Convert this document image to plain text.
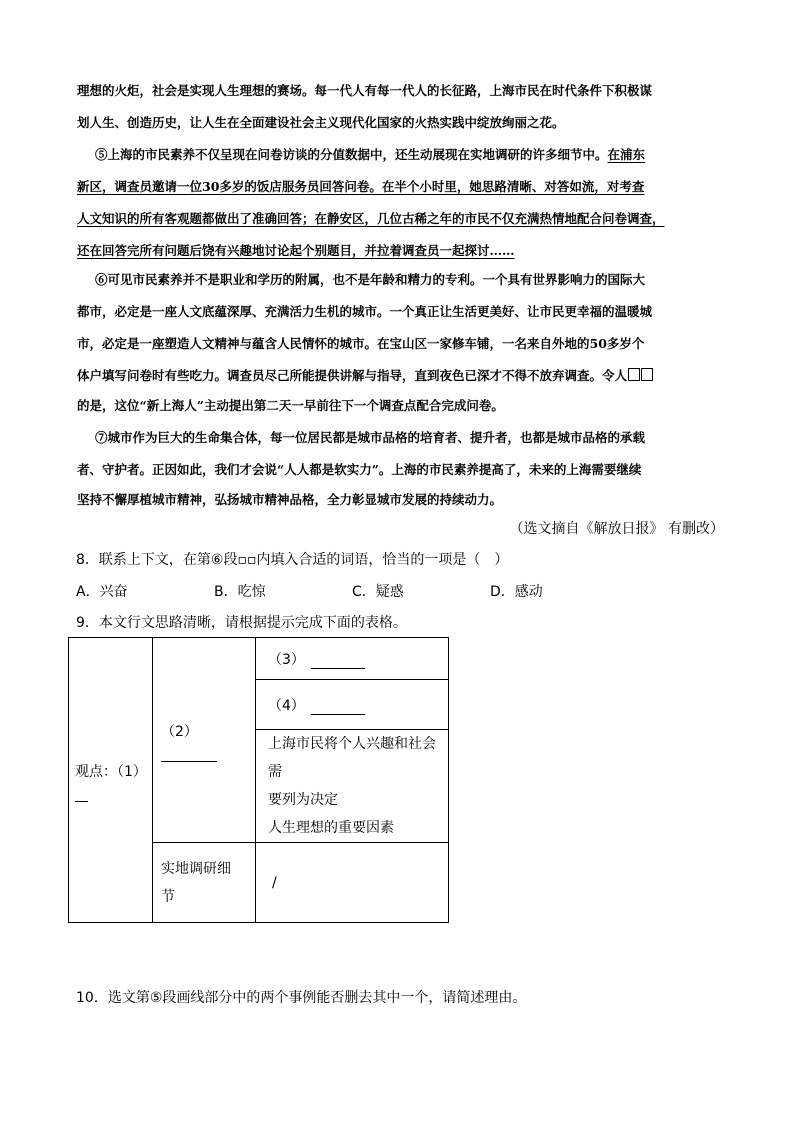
理想的火炬，社会是实现人生理想的赛场。每一代人有每一代人的长征路，上海市民在时代条件下积极谋
划人生、创造历史，让人生在全面建设社会主义现代化国家的火热实践中绽放绚丽之花。
⑤上海的市民素养不仅呈现在问卷访谈的分值数据中，还生动展现在实地调研的许多细节中。在浦东
新区，调查员邀请一位30多岁的饭店服务员回答问卷。在半个小时里，她思路清晰、对答如流，对考查
人文知识的所有客观题都做出了准确回答；在静安区，几位古稀之年的市民不仅充满热情地配合问卷调查，
还在回答完所有问题后饶有兴趣地讨论起个别题目，并拉着调查员一起探讨……
⑥可见市民素养并不是职业和学历的附属，也不是年龄和精力的专利。一个具有世界影响力的国际大
都市，必定是一座人文底蕴深厚、充满活力生机的城市。一个真正让生活更美好、让市民更幸福的温暖城
市，必定是一座塑造人文精神与蕴含人民情怀的城市。在宝山区一家修车铺，一名来自外地的50多岁个
体户填写问卷时有些吃力。调查员尽己所能提供讲解与指导，直到夜色已深才不得不放弃调查。令人
的是，这位“新上海人”主动提出第二天一早前往下一个调查点配合完成问卷。
⑦城市作为巨大的生命集合体，每一位居民都是城市品格的培育者、提升者，也都是城市品格的承载
者、守护者。正因如此，我们才会说“人人都是软实力”。上海的市民素养提高了，未来的上海需要继续
坚持不懈厚植城市精神，弘扬城市精神品格，全力彰显城市发展的持续动力。
（选文摘自《解放日报》 有删改）
8．联系上下文，在第⑥段▫▫内填入合适的词语，恰当的一项是（　）
A．兴奋	B．吃惊	C．疑惑	D．感动
9．本文行文思路清晰，请根据提示完成下面的表格。
观点：（1）	（2）	（3）
		（4）

		上海市民将个人兴趣和社会需
要列为决定
人生理想的重要因素

	实地调研细
节	/
10．选文第⑤段画线部分中的两个事例能否删去其中一个，请简述理由。
